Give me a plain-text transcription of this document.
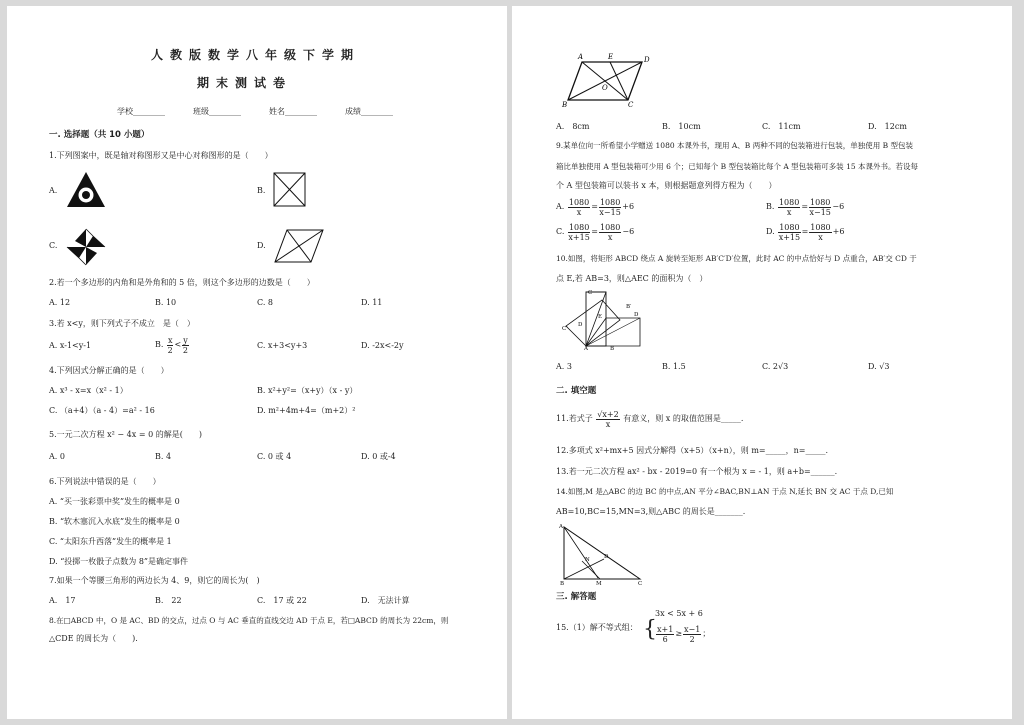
人教版数学八年级下学期
期末测试卷
学校________	班级________	姓名________	成绩________
一. 选择题（共 10 小题）
1.下列图案中，既是轴对称图形又是中心对称图形的是（　　）
A.	B.
C.	D.
2.若一个多边形的内角和是外角和的 5 倍，则这个多边形的边数是（　　）
A. 12	B. 10	C. 8	D. 11
3.若 x<y，则下列式子不成立　是（　）
A. x-1<y-1	B. $\frac{x}{2} < \frac{y}{2}$	C. x+3<y+3	D. -2x<-2y
4.下列因式分解正确的是（　　）
A. x³ - x=x（x² - 1）	B. x²+y²=（x+y）（x - y）
C. （a+4）（a - 4）=a² - 16	D. m²+4m+4=（m+2）²
5.一元二次方程 x² − 4x = 0 的解是(　　)
A. 0	B. 4	C. 0 或 4	D. 0 或-4
6.下列说法中错误的是（　　）
A. “买一张彩票中奖”发生的概率是 0
B. “软木塞沉入水底”发生的概率是 0
C. “太阳东升西落”发生的概率是 1
D. “投掷一枚骰子点数为 8”是确定事件
7.如果一个等腰三角形的两边长为 4、9，则它的周长为(　)
A.　17	B.　22	C.　17 或 22	D.　无法计算
8.在□ABCD 中，O 是 AC、BD 的交点，过点 O 与 AC 垂直的直线交边 AD 于点 E，若□ABCD 的周长为 22cm，则
△CDE 的周长为（　　).
A	E	D
O
B	C
A.　8cm	B.　10cm	C.　11cm	D.　12cm
9.某单位向一所希望小学赠送 1080 本课外书，现用 A、B 两种不同的包装箱进行包装，单独使用 B 型包装
箱比单独使用 A 型包装箱可少用 6 个；已知每个 B 型包装箱比每个 A 型包装箱可多装 15 本课外书。若设每
个 A 型包装箱可以装书 x 本，则根据题意列得方程为（　　）
A. $\frac{1080}{x} = \frac{1080}{x-15} +6$	B. $\frac{1080}{x} = \frac{1080}{x-15} -6$
C. $\frac{1080}{x+15} = \frac{1080}{x} -6$	D. $\frac{1080}{x+15} = \frac{1080}{x} +6$
10.如图，将矩形 ABCD 绕点 A 旋转至矩形 AB′C′D′位置，此时 AC 的中点恰好与 D 点重合，AB′交 CD 于
点 E,若 AB=3，则△AEC 的面积为（　）
C
B′
E
D
C′
D
A	B
A. 3	B. 1.5	C. 2√3	D. √3
二. 填空题
11.若式子 $\frac{√x+2}{x}$ 有意义，则 x 的取值范围是_____.
12.多项式 x²+mx+5 因式分解得（x+5）（x+n），则 m=_____，n=_____.
13.若一元二次方程 ax² - bx - 2019=0 有一个根为 x = - 1，则 a+b=______.
14.如图,M 是△ABC 的边 BC 的中点,AN 平分∠BAC,BN⊥AN 于点 N,延长 BN 交 AC 于点 D,已知
AB=10,BC=15,MN=3,则△ABC 的周长是_______.
A
N	D
B	M	C
三. 解答题
15.（1）解不等式组： {
3x < 5x + 6
$\frac{x+1}{6} \ge \frac{x-1}{2}$ ；
